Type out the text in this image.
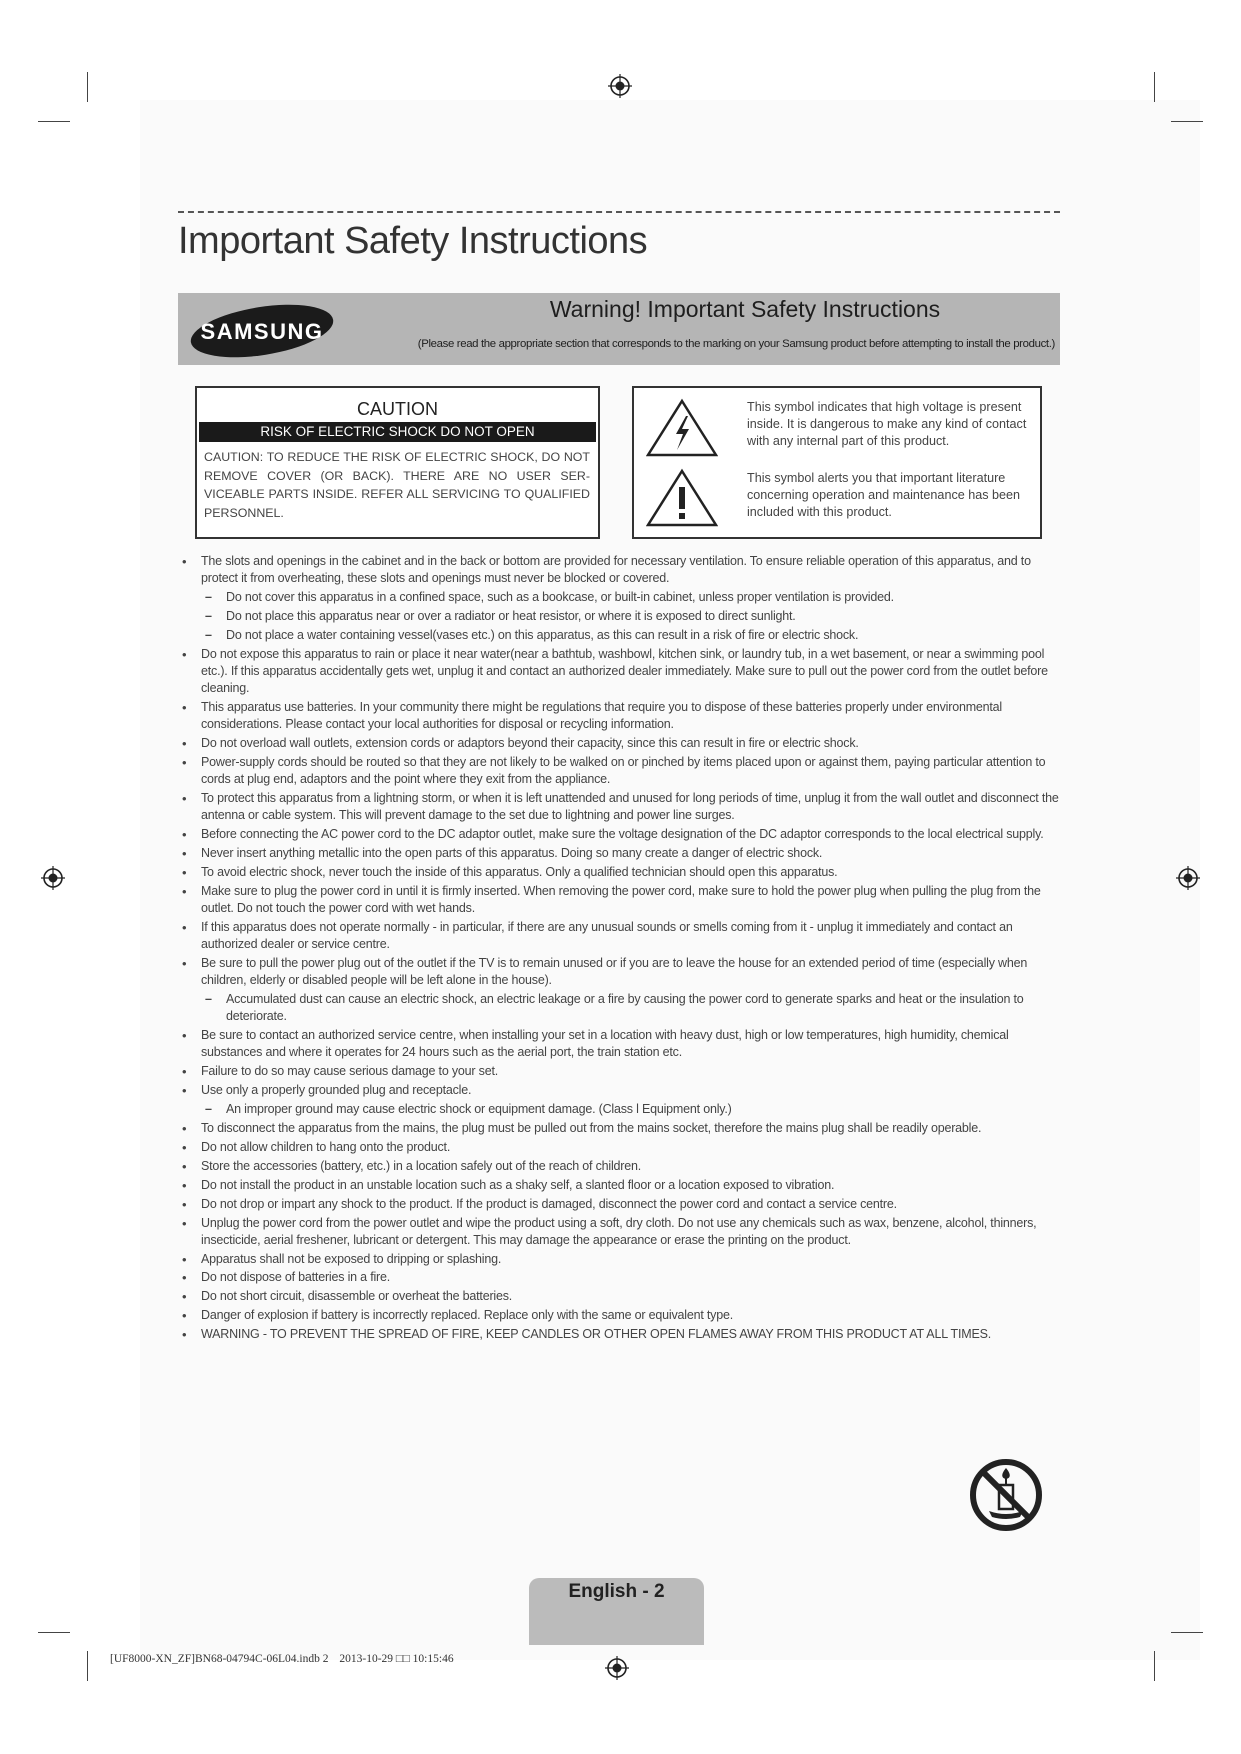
Important Safety Instructions
SAMSUNG
Warning! Important Safety Instructions
(Please read the appropriate section that corresponds to the marking on your Samsung product before attempting to install the product.)
CAUTION
RISK OF ELECTRIC SHOCK DO NOT OPEN
CAUTION: TO REDUCE THE RISK OF ELECTRIC SHOCK, DO NOT REMOVE COVER (OR BACK). THERE ARE NO USER SER-VICEABLE PARTS INSIDE. REFER ALL SERVICING TO QUALIFIED PERSONNEL.
This symbol indicates that high voltage is present inside. It is dangerous to make any kind of contact with any internal part of this product.
This symbol alerts you that important literature concerning operation and maintenance has been included with this product.
• The slots and openings in the cabinet and in the back or bottom are provided for necessary ventilation. To ensure reliable operation of this apparatus, and to protect it from overheating, these slots and openings must never be blocked or covered.
– Do not cover this apparatus in a confined space, such as a bookcase, or built-in cabinet, unless proper ventilation is provided.
– Do not place this apparatus near or over a radiator or heat resistor, or where it is exposed to direct sunlight.
– Do not place a water containing vessel(vases etc.) on this apparatus, as this can result in a risk of fire or electric shock.
• Do not expose this apparatus to rain or place it near water(near a bathtub, washbowl, kitchen sink, or laundry tub, in a wet basement, or near a swimming pool etc.). If this apparatus accidentally gets wet, unplug it and contact an authorized dealer immediately. Make sure to pull out the power cord from the outlet before cleaning.
• This apparatus use batteries. In your community there might be regulations that require you to dispose of these batteries properly under environmental considerations. Please contact your local authorities for disposal or recycling information.
• Do not overload wall outlets, extension cords or adaptors beyond their capacity, since this can result in fire or electric shock.
• Power-supply cords should be routed so that they are not likely to be walked on or pinched by items placed upon or against them, paying particular attention to cords at plug end, adaptors and the point where they exit from the appliance.
• To protect this apparatus from a lightning storm, or when it is left unattended and unused for long periods of time, unplug it from the wall outlet and disconnect the antenna or cable system. This will prevent damage to the set due to lightning and power line surges.
• Before connecting the AC power cord to the DC adaptor outlet, make sure the voltage designation of the DC adaptor corresponds to the local electrical supply.
• Never insert anything metallic into the open parts of this apparatus. Doing so many create a danger of electric shock.
• To avoid electric shock, never touch the inside of this apparatus. Only a qualified technician should open this apparatus.
• Make sure to plug the power cord in until it is firmly inserted. When removing the power cord, make sure to hold the power plug when pulling the plug from the outlet. Do not touch the power cord with wet hands.
• If this apparatus does not operate normally - in particular, if there are any unusual sounds or smells coming from it - unplug it immediately and contact an authorized dealer or service centre.
• Be sure to pull the power plug out of the outlet if the TV is to remain unused or if you are to leave the house for an extended period of time (especially when children, elderly or disabled people will be left alone in the house).
– Accumulated dust can cause an electric shock, an electric leakage or a fire by causing the power cord to generate sparks and heat or the insulation to deteriorate.
• Be sure to contact an authorized service centre, when installing your set in a location with heavy dust, high or low temperatures, high humidity, chemical substances and where it operates for 24 hours such as the aerial port, the train station etc.
• Failure to do so may cause serious damage to your set.
• Use only a properly grounded plug and receptacle.
– An improper ground may cause electric shock or equipment damage. (Class l Equipment only.)
• To disconnect the apparatus from the mains, the plug must be pulled out from the mains socket, therefore the mains plug shall be readily operable.
• Do not allow children to hang onto the product.
• Store the accessories (battery, etc.) in a location safely out of the reach of children.
• Do not install the product in an unstable location such as a shaky self, a slanted floor or a location exposed to vibration.
• Do not drop or impart any shock to the product. If the product is damaged, disconnect the power cord and contact a service centre.
• Unplug the power cord from the power outlet and wipe the product using a soft, dry cloth. Do not use any chemicals such as wax, benzene, alcohol, thinners, insecticide, aerial freshener, lubricant or detergent. This may damage the appearance or erase the printing on the product.
• Apparatus shall not be exposed to dripping or splashing.
• Do not dispose of batteries in a fire.
• Do not short circuit, disassemble or overheat the batteries.
• Danger of explosion if battery is incorrectly replaced. Replace only with the same or equivalent type.
• WARNING - TO PREVENT THE SPREAD OF FIRE, KEEP CANDLES OR OTHER OPEN FLAMES AWAY FROM THIS PRODUCT AT ALL TIMES.
English - 2
[UF8000-XN_ZF]BN68-04794C-06L04.indb 2 2013-10-29 □□ 10:15:46
